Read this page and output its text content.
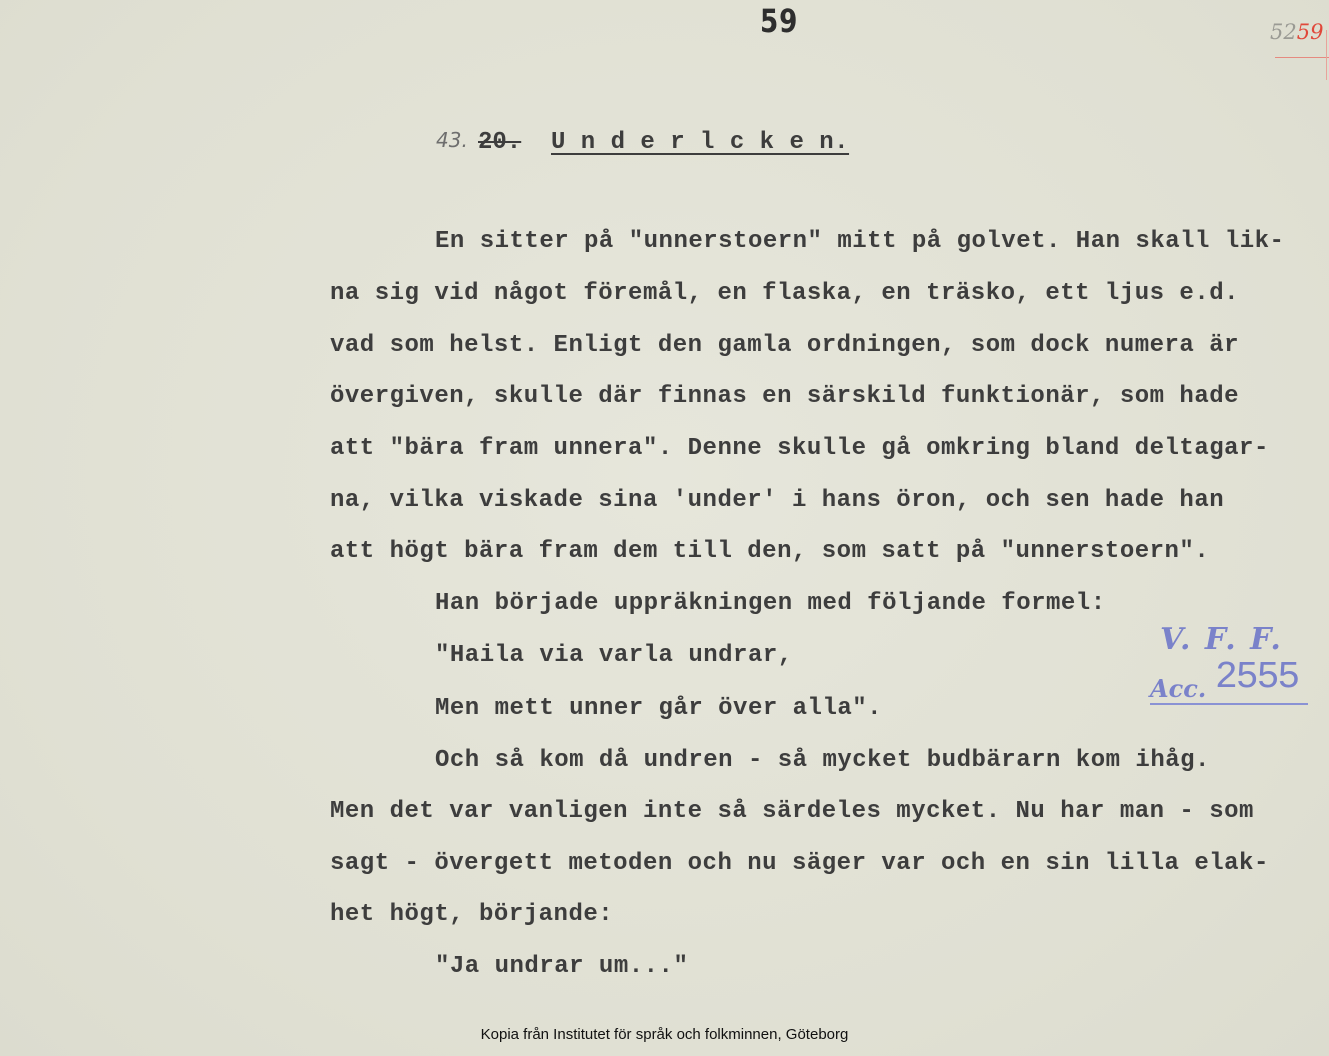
59	5259
43. 20. U n d e r l c k e n.
En sitter på "unnerstoern" mitt på golvet. Han skall lik-
na sig vid något föremål, en flaska, en träsko, ett ljus e.d.
vad som helst. Enligt den gamla ordningen, som dock numera är
övergiven, skulle där finnas en särskild funktionär, som hade
att "bära fram unnera". Denne skulle gå omkring bland deltagar-
na, vilka viskade sina 'under' i hans öron, och sen hade han
att högt bära fram dem till den, som satt på "unnerstoern".
Han började uppräkningen med följande formel:
"Haila via varla undrar,
Men mett unner går över alla".
Och så kom då undren - så mycket budbärarn kom ihåg.
Men det var vanligen inte så särdeles mycket. Nu har man - som
sagt - övergett metoden och nu säger var och en sin lilla elak-
het högt, börjande:
"Ja undrar um..."
V. F. F.
Acc. 2555
Kopia från Institutet för språk och folkminnen, Göteborg
